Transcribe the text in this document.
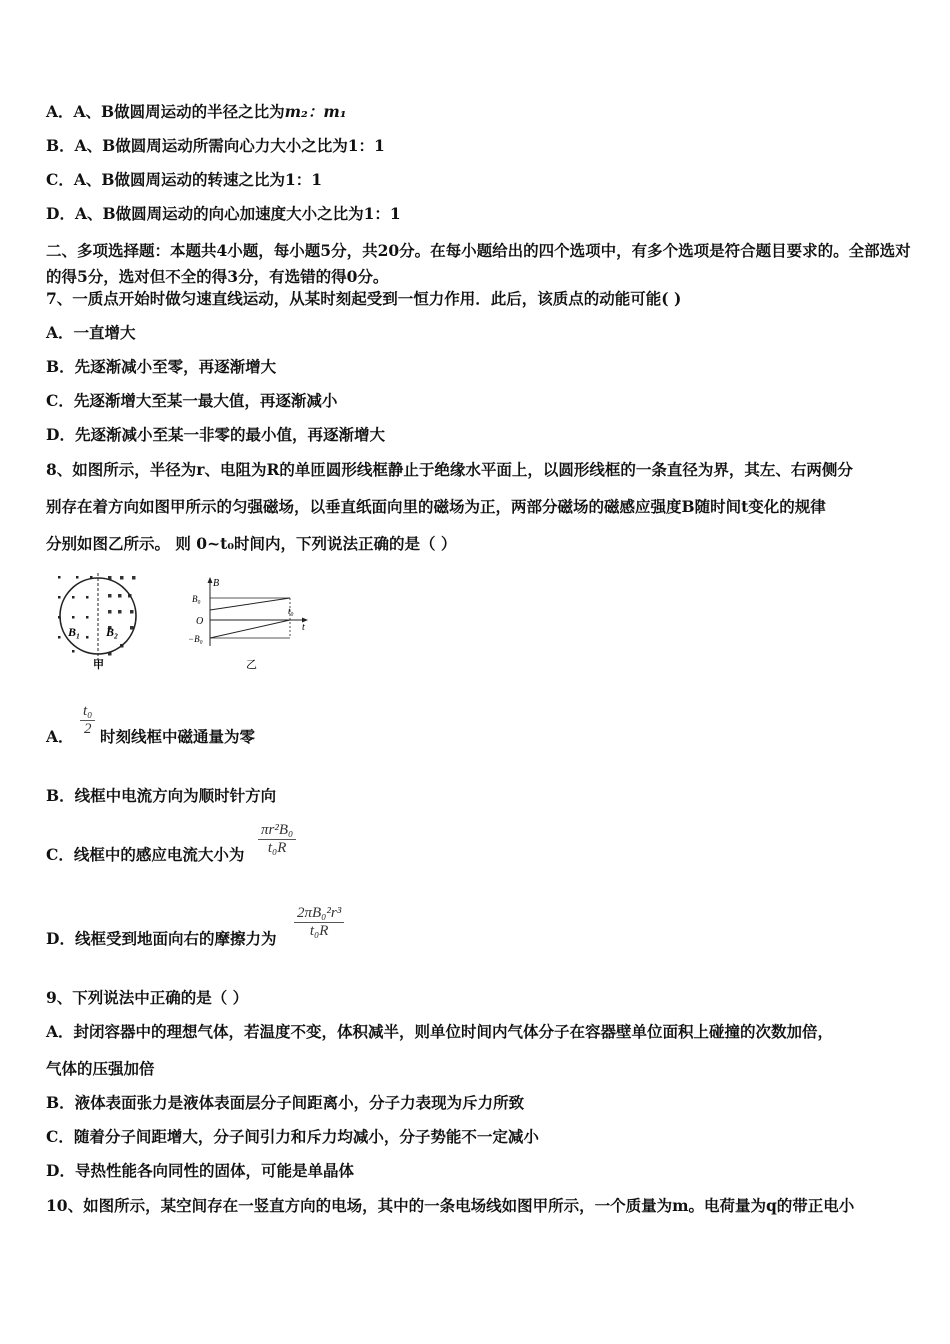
A．A、B做圆周运动的半径之比为m₂：m₁
B．A、B做圆周运动所需向心力大小之比为1：1
C．A、B做圆周运动的转速之比为1：1
D．A、B做圆周运动的向心加速度大小之比为1：1
二、多项选择题：本题共4小题，每小题5分，共20分。在每小题给出的四个选项中，有多个选项是符合题目要求的。全部选对的得5分，选对但不全的得3分，有选错的得0分。
7、一质点开始时做匀速直线运动，从某时刻起受到一恒力作用．此后，该质点的动能可能( )
A．一直增大
B．先逐渐减小至零，再逐渐增大
C．先逐渐增大至某一最大值，再逐渐减小
D．先逐渐减小至某一非零的最小值，再逐渐增大
8、如图所示，半径为r、电阻为R的单匝圆形线框静止于绝缘水平面上，以圆形线框的一条直径为界，其左、右两侧分
别存在着方向如图甲所示的匀强磁场，以垂直纸面向里的磁场为正，两部分磁场的磁感应强度B随时间t变化的规律
分别如图乙所示。 则 0~t₀时间内，下列说法正确的是（ ）
B₁ B₂
甲
B
t
O
B₀
−B₀
t₀
乙
A．
t₀
2 时刻线框中磁通量为零
B．线框中电流方向为顺时针方向
C．线框中的感应电流大小为
πr²B₀
t₀R
D．线框受到地面向右的摩擦力为
2πB₀²r³
t₀R
9、下列说法中正确的是（ ）
A．封闭容器中的理想气体，若温度不变，体积减半，则单位时间内气体分子在容器壁单位面积上碰撞的次数加倍，
气体的压强加倍
B．液体表面张力是液体表面层分子间距离小，分子力表现为斥力所致
C．随着分子间距增大，分子间引力和斥力均减小，分子势能不一定减小
D．导热性能各向同性的固体，可能是单晶体
10、如图所示，某空间存在一竖直方向的电场，其中的一条电场线如图甲所示，一个质量为m。电荷量为q的带正电小
